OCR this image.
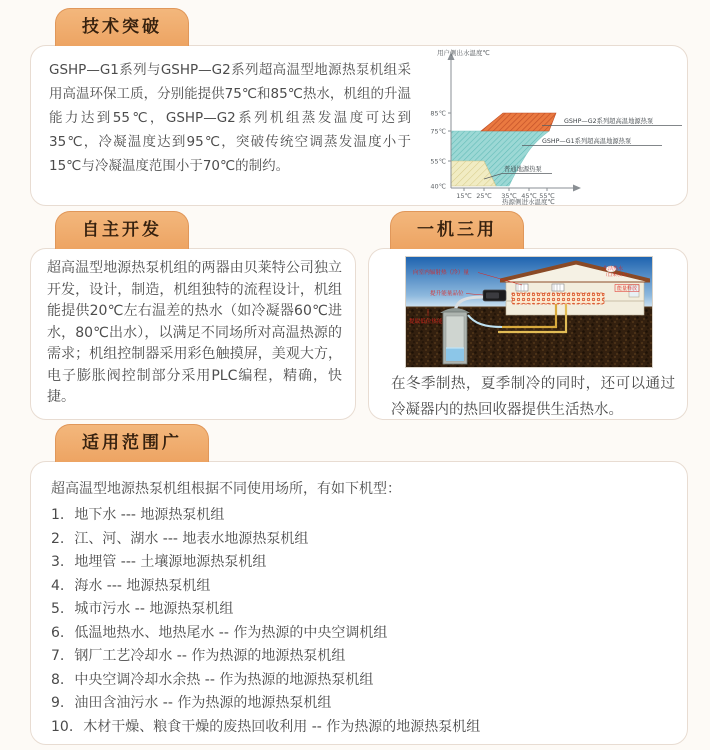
技术突破
GSHP—G1系列与GSHP—G2系列超高温型地源热泵机组采用高温环保工质，分别能提供75℃和85℃热水，机组的升温能力达到55℃，GSHP—G2系列机组蒸发温度可达到35℃，冷凝温度达到95℃，突破传统空调蒸发温度小于15℃与冷凝温度范围小于70℃的制约。
85℃
75℃
55℃
40℃
15℃ 25℃ 35℃ 45℃ 55℃
用户侧出水温度℃
热源侧进水温度℃
GSHP—G2系列超高温地源热泵
GSHP—G1系列超高温地源热泵
普通地源热泵
自主开发
超高温型地源热泵机组的两器由贝莱特公司独立开发，设计，制造，机组独特的流程设计，机组能提供20℃左右温差的热水（如冷凝器60℃进水，80℃出水），以满足不同场所对高温热源的需求；机组控制器采用彩色触摸屏，美观大方，电子膨胀阀控制部分采用PLC编程，精确，快捷。
一机三用
向室内辐射热（冷）量
提升能量品位
提取低位热能
生活热水
（自来水入）
能量释放
在冬季制热，夏季制冷的同时，还可以通过冷凝器内的热回收器提供生活热水。
适用范围广
超高温型地源热泵机组根据不同使用场所，有如下机型：
1. 地下水 --- 地源热泵机组
2. 江、河、湖水 --- 地表水地源热泵机组
3. 地埋管 --- 土壤源地源热泵机组
4. 海水 --- 地源热泵机组
5. 城市污水 -- 地源热泵机组
6. 低温地热水、地热尾水 -- 作为热源的中央空调机组
7. 钢厂工艺冷却水 -- 作为热源的地源热泵机组
8. 中央空调冷却水余热 -- 作为热源的地源热泵机组
9. 油田含油污水 -- 作为热源的地源热泵机组
10. 木材干燥、粮食干燥的废热回收利用 -- 作为热源的地源热泵机组
